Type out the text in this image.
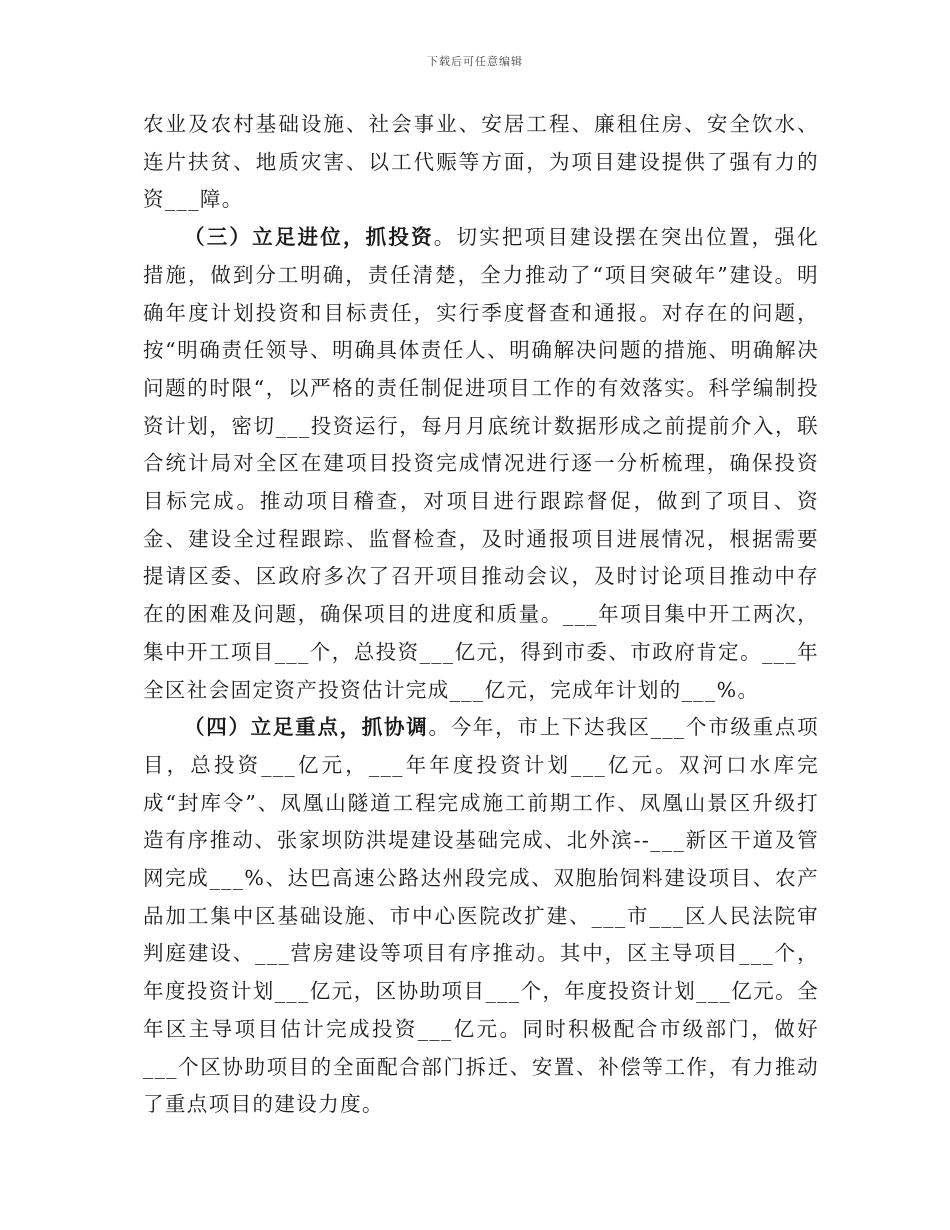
下载后可任意编辑

农业及农村基础设施、社会事业、安居工程、廉租住房、安全饮水、连片扶贫、地质灾害、以工代赈等方面，为项目建设提供了强有力的资___障。

（三）立足进位，抓投资。切实把项目建设摆在突出位置，强化措施，做到分工明确，责任清楚，全力推动了“项目突破年”建设。明确年度计划投资和目标责任，实行季度督查和通报。对存在的问题，按“明确责任领导、明确具体责任人、明确解决问题的措施、明确解决问题的时限“，以严格的责任制促进项目工作的有效落实。科学编制投资计划，密切___投资运行，每月月底统计数据形成之前提前介入，联合统计局对全区在建项目投资完成情况进行逐一分析梳理，确保投资目标完成。推动项目稽查，对项目进行跟踪督促，做到了项目、资金、建设全过程跟踪、监督检查，及时通报项目进展情况，根据需要提请区委、区政府多次了召开项目推动会议，及时讨论项目推动中存在的困难及问题，确保项目的进度和质量。___年项目集中开工两次，集中开工项目___个，总投资___亿元，得到市委、市政府肯定。___年全区社会固定资产投资估计完成___亿元，完成年计划的___%。

（四）立足重点，抓协调。今年，市上下达我区___个市级重点项目，总投资___亿元，___年年度投资计划___亿元。双河口水库完成“封库令”、凤凰山隧道工程完成施工前期工作、凤凰山景区升级打造有序推动、张家坝防洪堤建设基础完成、北外滨--___新区干道及管网完成___%、达巴高速公路达州段完成、双胞胎饲料建设项目、农产品加工集中区基础设施、市中心医院改扩建、___市___区人民法院审判庭建设、___营房建设等项目有序推动。其中，区主导项目___个，年度投资计划___亿元，区协助项目___个，年度投资计划___亿元。全年区主导项目估计完成投资___亿元。同时积极配合市级部门，做好___个区协助项目的全面配合部门拆迁、安置、补偿等工作，有力推动了重点项目的建设力度。
